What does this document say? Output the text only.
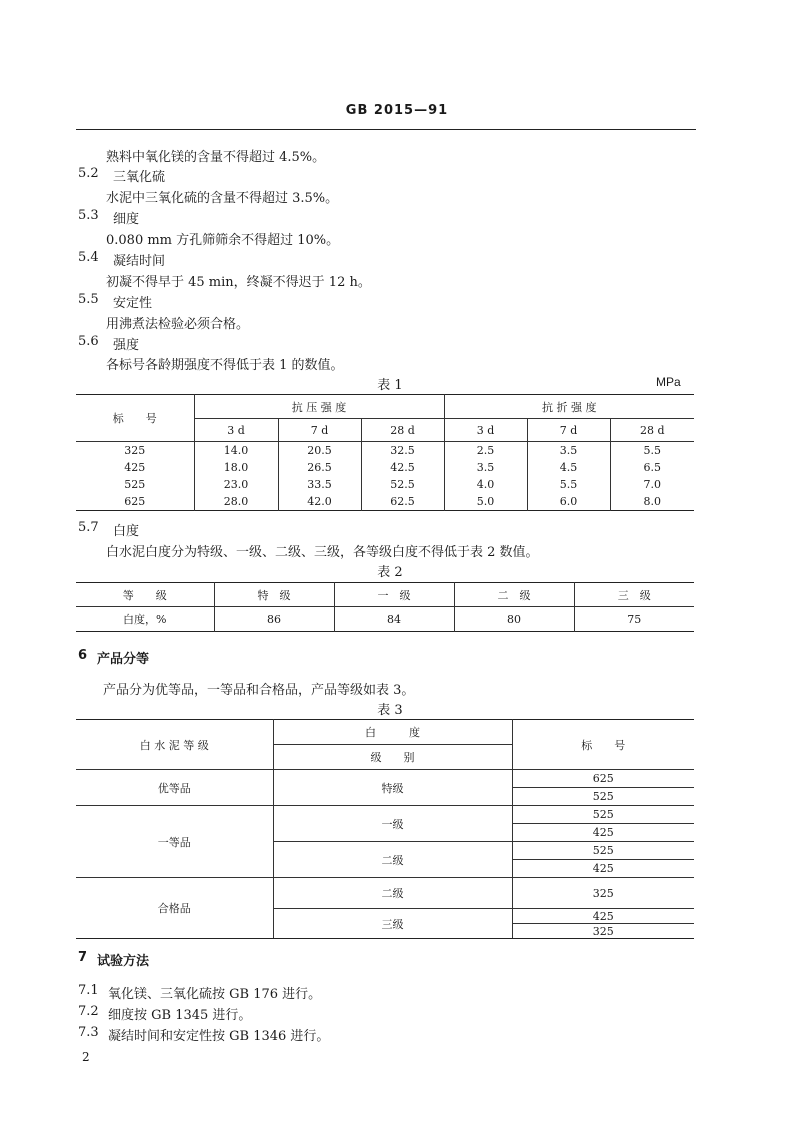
GB 2015—91
熟料中氧化镁的含量不得超过 4.5%。
5.2 三氧化硫
水泥中三氧化硫的含量不得超过 3.5%。
5.3 细度
0.080 mm 方孔筛筛余不得超过 10%。
5.4 凝结时间
初凝不得早于 45 min，终凝不得迟于 12 h。
5.5 安定性
用沸煮法检验必须合格。
5.6 强度
各标号各龄期强度不得低于表 1 的数值。
表 1	MPa
标　　号	抗 压 强 度			抗 折 强 度		
	3 d	7 d	28 d	3 d	7 d	28 d
325	14.0	20.5	32.5	2.5	3.5	5.5
425	18.0	26.5	42.5	3.5	4.5	6.5
525	23.0	33.5	52.5	4.0	5.5	7.0
625	28.0	42.0	62.5	5.0	6.0	8.0
5.7 白度
白水泥白度分为特级、一级、二级、三级，各等级白度不得低于表 2 数值。
表 2
等　　级	特　级	一　级	二　级	三　级
白度，%	86	84	80	75
6 产品分等
产品分为优等品，一等品和合格品，产品等级如表 3。
表 3
白 水 泥 等 级	白　　　度	标　　号
	级　　别	
优等品	特级	625
		525
一等品	一级	525
		425
	二级	525
		425
合格品	二级	325
	三级	425
		325
7 试验方法
7.1 氧化镁、三氧化硫按 GB 176 进行。
7.2 细度按 GB 1345 进行。
7.3 凝结时间和安定性按 GB 1346 进行。
2
